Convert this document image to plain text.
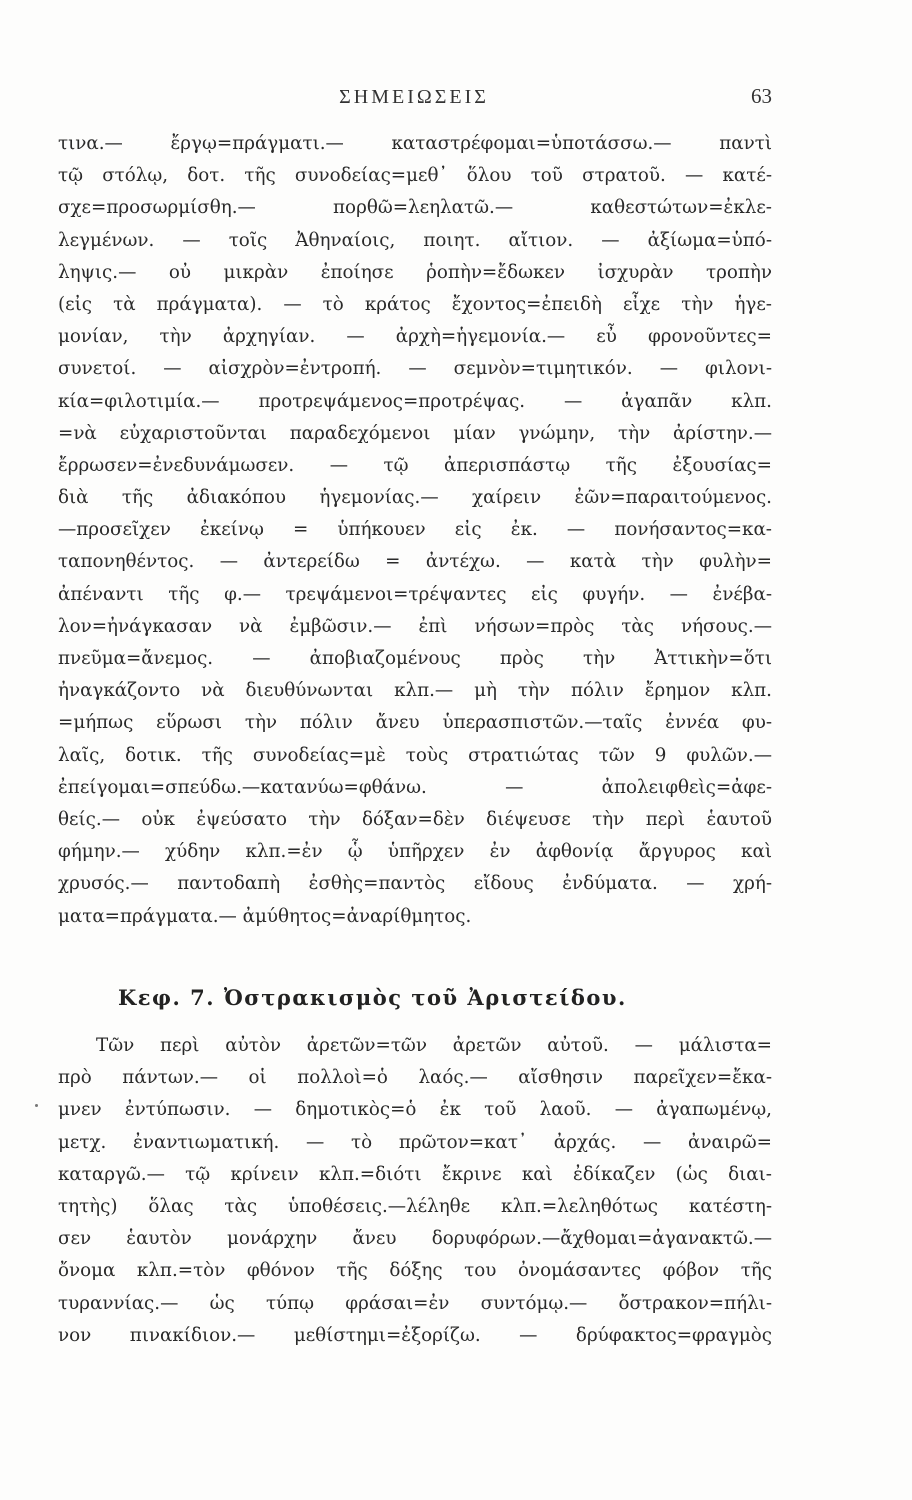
ΣΗΜΕΙΩΣΕΙΣ	63
τινα.— ἔργῳ=πράγματι.— καταστρέφομαι=ὑποτάσσω.— παντὶ
τῷ στόλῳ, δοτ. τῆς συνοδείας=μεθ᾽ ὅλου τοῦ στρατοῦ. — κατέ-
σχε=προσωρμίσθη.— πορθῶ=λεηλατῶ.— καθεστώτων=ἐκλε-
λεγμένων. — τοῖς Ἀθηναίοις, ποιητ. αἴτιον. — ἀξίωμα=ὑπό-
ληψις.— οὐ μικρὰν ἐποίησε ῥοπὴν=ἔδωκεν ἰσχυρὰν τροπὴν
(εἰς τὰ πράγματα). — τὸ κράτος ἔχοντος=ἐπειδὴ εἶχε τὴν ἡγε-
μονίαν, τὴν ἀρχηγίαν. — ἀρχὴ=ἡγεμονία.— εὖ φρονοῦντες=
συνετοί. — αἰσχρὸν=ἐντροπή. — σεμνὸν=τιμητικόν. — φιλονι-
κία=φιλοτιμία.— προτρεψάμενος=προτρέψας. — ἀγαπᾶν κλπ.
=νὰ εὐχαριστοῦνται παραδεχόμενοι μίαν γνώμην, τὴν ἀρίστην.—
ἔρρωσεν=ἐνεδυνάμωσεν. — τῷ ἀπερισπάστῳ τῆς ἐξουσίας=
διὰ τῆς ἀδιακόπου ἡγεμονίας.— χαίρειν ἐῶν=παραιτούμενος.
—προσεῖχεν ἐκείνῳ = ὑπήκουεν εἰς ἐκ. — πονήσαντος=κα-
ταπονηθέντος. — ἀντερείδω = ἀντέχω. — κατὰ τὴν φυλὴν=
ἀπέναντι τῆς φ.— τρεψάμενοι=τρέψαντες εἰς φυγήν. — ἐνέβα-
λον=ἠνάγκασαν νὰ ἐμβῶσιν.— ἐπὶ νήσων=πρὸς τὰς νήσους.—
πνεῦμα=ἄνεμος. — ἀποβιαζομένους πρὸς τὴν Ἀττικὴν=ὅτι
ἠναγκάζοντο νὰ διευθύνωνται κλπ.— μὴ τὴν πόλιν ἔρημον κλπ.
=μήπως εὕρωσι τὴν πόλιν ἄνευ ὑπερασπιστῶν.—ταῖς ἐννέα φυ-
λαῖς, δοτικ. τῆς συνοδείας=μὲ τοὺς στρατιώτας τῶν 9 φυλῶν.—
ἐπείγομαι=σπεύδω.—κατανύω=φθάνω. — ἀπολειφθεὶς=ἀφε-
θείς.— οὐκ ἐψεύσατο τὴν δόξαν=δὲν διέψευσε τὴν περὶ ἑαυτοῦ
φήμην.— χύδην κλπ.=ἐν ᾧ ὑπῆρχεν ἐν ἀφθονίᾳ ἄργυρος καὶ
χρυσός.— παντοδαπὴ ἐσθὴς=παντὸς εἴδους ἐνδύματα. — χρή-
ματα=πράγματα.— ἀμύθητος=ἀναρίθμητος.
Κεφ. 7. Ὀστρακισμὸς τοῦ Ἀριστείδου.
Τῶν περὶ αὐτὸν ἀρετῶν=τῶν ἀρετῶν αὐτοῦ. — μάλιστα=
πρὸ πάντων.— οἱ πολλοὶ=ὁ λαός.— αἴσθησιν παρεῖχεν=ἔκα-
μνεν ἐντύπωσιν. — δημοτικὸς=ὁ ἐκ τοῦ λαοῦ. — ἀγαπωμένῳ,
μετχ. ἐναντιωματική. — τὸ πρῶτον=κατ᾽ ἀρχάς. — ἀναιρῶ=
καταργῶ.— τῷ κρίνειν κλπ.=διότι ἔκρινε καὶ ἐδίκαζεν (ὡς διαι-
τητὴς) ὅλας τὰς ὑποθέσεις.—λέληθε κλπ.=λεληθότως κατέστη-
σεν ἑαυτὸν μονάρχην ἄνευ δορυφόρων.—ἄχθομαι=ἀγανακτῶ.—
ὄνομα κλπ.=τὸν φθόνον τῆς δόξης του ὀνομάσαντες φόβον τῆς
τυραννίας.— ὡς τύπῳ φράσαι=ἐν συντόμῳ.— ὄστρακον=πήλι-
νον πινακίδιον.— μεθίστημι=ἐξορίζω. — δρύφακτος=φραγμὸς
